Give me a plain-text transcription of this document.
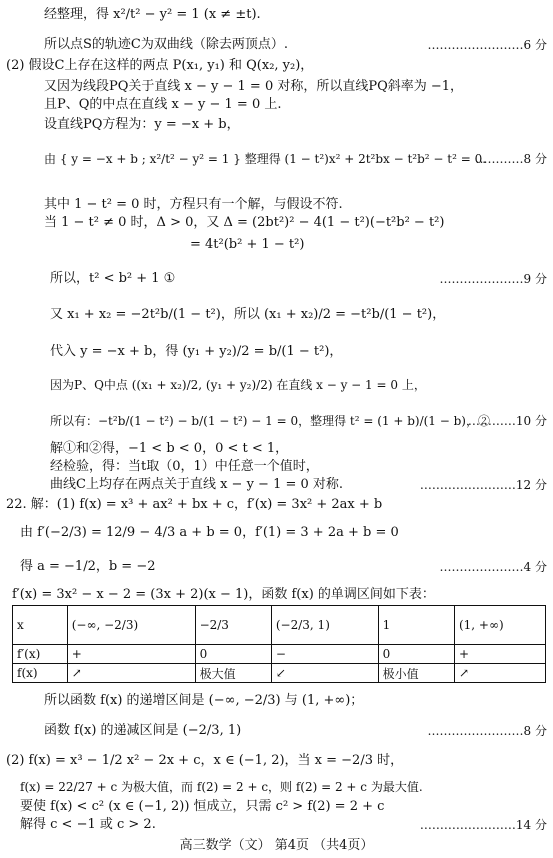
经整理，得 x²/t² − y² = 1 (x ≠ ±t).
所以点S的轨迹C为双曲线（除去两顶点）.	……………………6 分
(2) 假设C上存在这样的两点 P(x₁, y₁) 和 Q(x₂, y₂)，
又因为线段PQ关于直线 x − y − 1 = 0 对称，所以直线PQ斜率为 −1，
且P、Q的中点在直线 x − y − 1 = 0 上.
设直线PQ方程为：y = −x + b，
由 { y = −x + b ; x²/t² − y² = 1 } 整理得 (1 − t²)x² + 2t²bx − t²b² − t² = 0.
…………8 分
其中 1 − t² = 0 时，方程只有一个解，与假设不符.
当 1 − t² ≠ 0 时，Δ > 0，又 Δ = (2bt²)² − 4(1 − t²)(−t²b² − t²)
= 4t²(b² + 1 − t²)
所以，t² < b² + 1 ①	…………………9 分
又 x₁ + x₂ = −2t²b/(1 − t²)，所以 (x₁ + x₂)/2 = −t²b/(1 − t²)，
代入 y = −x + b，得 (y₁ + y₂)/2 = b/(1 − t²)，
因为P、Q中点 ((x₁ + x₂)/2, (y₁ + y₂)/2) 在直线 x − y − 1 = 0 上，
所以有：−t²b/(1 − t²) − b/(1 − t²) − 1 = 0，整理得 t² = (1 + b)/(1 − b)，②
…………10 分
解①和②得，−1 < b < 0，0 < t < 1，
经检验，得：当t取（0，1）中任意一个值时，
曲线C上均存在两点关于直线 x − y − 1 = 0 对称.	……………………12 分
22. 解：(1) f(x) = x³ + ax² + bx + c，f′(x) = 3x² + 2ax + b
由 f′(−2/3) = 12/9 − 4/3 a + b = 0，f′(1) = 3 + 2a + b = 0
得 a = −1/2，b = −2	…………………4 分
f′(x) = 3x² − x − 2 = (3x + 2)(x − 1)，函数 f(x) 的单调区间如下表：
x	(−∞, −2/3)	−2/3	(−2/3, 1)	1	(1, +∞)
f′(x)	+	0	−	0	+
f(x)	↗	极大值	↙	极小值	↗
所以函数 f(x) 的递增区间是 (−∞, −2/3) 与 (1, +∞)；
函数 f(x) 的递减区间是 (−2/3, 1)	……………………8 分
(2) f(x) = x³ − 1/2 x² − 2x + c，x ∈ (−1, 2)，当 x = −2/3 时，
f(x) = 22/27 + c 为极大值，而 f(2) = 2 + c，则 f(2) = 2 + c 为最大值.
要使 f(x) < c² (x ∈ (−1, 2)) 恒成立，只需 c² > f(2) = 2 + c
解得 c < −1 或 c > 2.	……………………14 分
高三数学（文） 第4页 （共4页）
